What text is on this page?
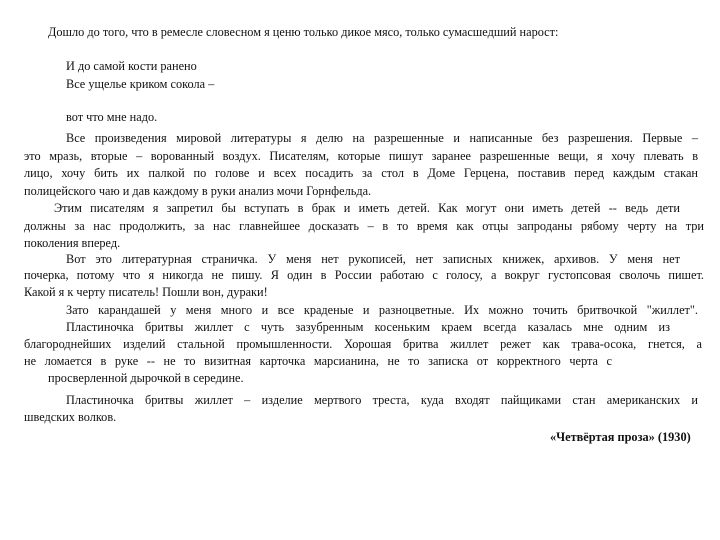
Дошло до того, что в ремесле словесном я ценю только дикое мясо, только сумасшедший нарост:
И до самой кости ранено
Все ущелье криком сокола –
вот что мне надо.
Все произведения мировой литературы я делю на разрешенные и написанные без разрешения. Первые –
это мразь, вторые – ворованный воздух. Писателям, которые пишут заранее разрешенные вещи, я хочу плевать в
лицо, хочу бить их палкой по голове и всех посадить за стол в Доме Герцена, поставив перед каждым стакан
полицейского чаю и дав каждому в руки анализ мочи Горнфельда.
Этим писателям я запретил бы вступать в брак и иметь детей. Как могут они иметь детей -- ведь дети
должны за нас продолжить, за нас главнейшее досказать – в то время как отцы запроданы рябому черту на три
поколения вперед.
Вот это литературная страничка. У меня нет рукописей, нет записных книжек, архивов. У меня нет
почерка, потому что я никогда не пишу. Я один в России работаю с голосу, а вокруг густопсовая сволочь пишет.
Какой я к черту писатель! Пошли вон, дураки!
Зато карандашей у меня много и все краденые и разноцветные. Их можно точить бритвочкой "жиллет".
Пластиночка бритвы жиллет с чуть зазубренным косеньким краем всегда казалась мне одним из
благороднейших изделий стальной промышленности. Хорошая бритва жиллет режет как трава-осока, гнется, а
не ломается в руке -- не то визитная карточка марсианина, не то записка от корректного черта с
просверленной дырочкой в середине.
Пластиночка бритвы жиллет – изделие мертвого треста, куда входят пайщиками стан американских и
шведских волков.
«Четвёртая проза» (1930)
